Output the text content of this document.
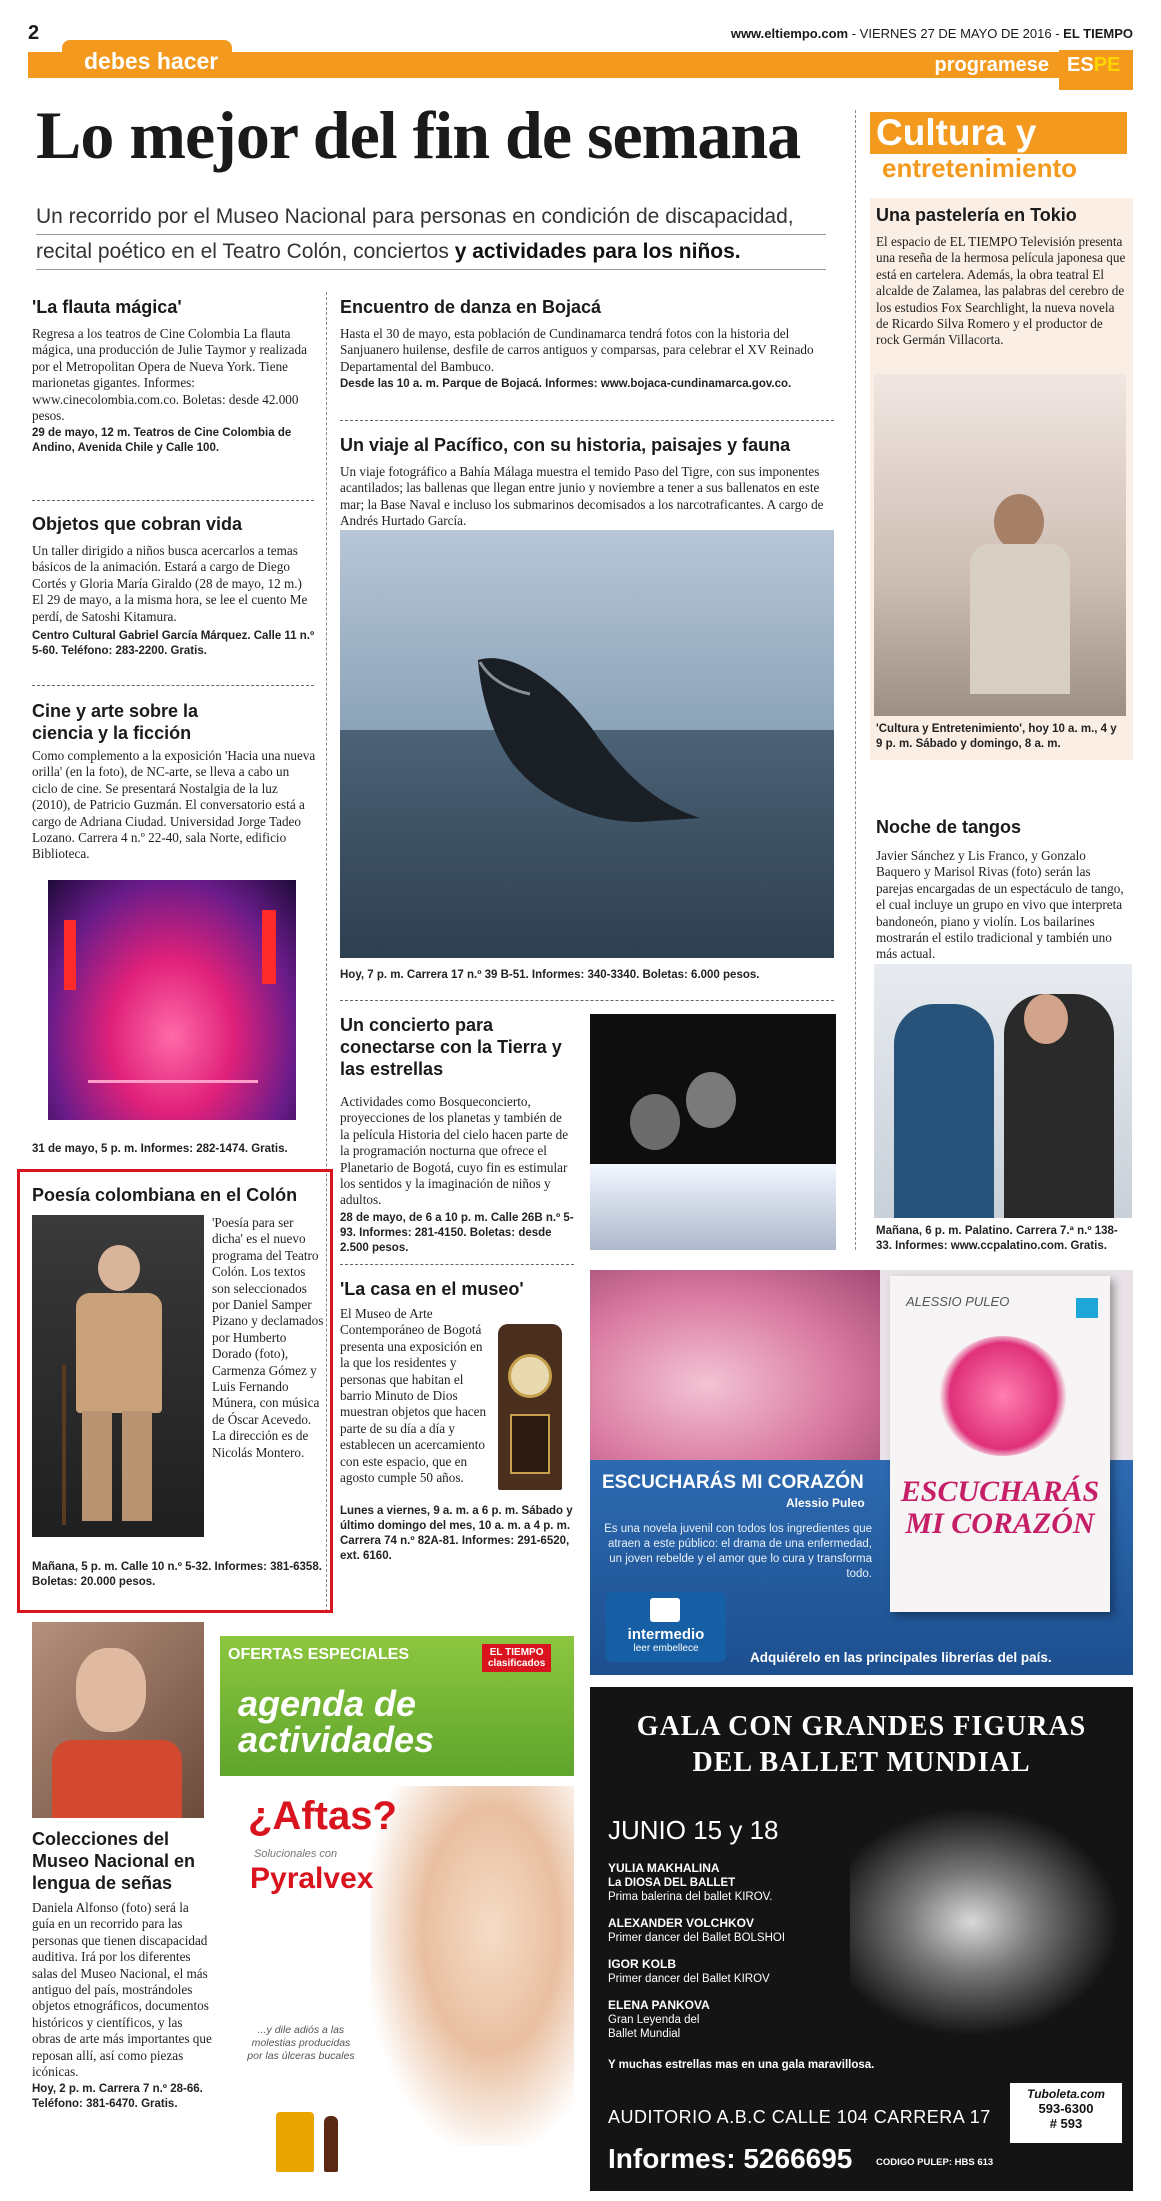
2	www.eltiempo.com - VIERNES 27 DE MAYO DE 2016 - EL TIEMPO
debes hacer	programese ESPE
Lo mejor del fin de semana
Un recorrido por el Museo Nacional para personas en condición de discapacidad,
recital poético en el Teatro Colón, conciertos y actividades para los niños.
'La flauta mágica'

Regresa a los teatros de Cine Colombia La flauta mágica, una producción de Julie Taymor y realizada por el Metropolitan Opera de Nueva York. Tiene marionetas gigantes. Informes: www.cinecolombia.com.co. Boletas: desde 42.000 pesos.

29 de mayo, 12 m. Teatros de Cine Colombia de Andino, Avenida Chile y Calle 100.

Objetos que cobran vida

Un taller dirigido a niños busca acercarlos a temas básicos de la animación. Estará a cargo de Diego Cortés y Gloria María Giraldo (28 de mayo, 12 m.) El 29 de mayo, a la misma hora, se lee el cuento Me perdí, de Satoshi Kitamura.

Centro Cultural Gabriel García Márquez. Calle 11 n.º 5-60. Teléfono: 283-2200. Gratis.

Cine y arte sobre la ciencia y la ficción

Como complemento a la exposición 'Hacia una nueva orilla' (en la foto), de NC-arte, se lleva a cabo un ciclo de cine. Se presentará Nostalgia de la luz (2010), de Patricio Guzmán. El conversatorio está a cargo de Adriana Ciudad. Universidad Jorge Tadeo Lozano. Carrera 4 n.º 22-40, sala Norte, edificio Biblioteca.

31 de mayo, 5 p. m. Informes: 282-1474. Gratis.

Poesía colombiana en el Colón

'Poesía para ser dicha' es el nuevo programa del Teatro Colón. Los textos son seleccionados por Daniel Samper Pizano y declamados por Humberto Dorado (foto), Carmenza Gómez y Luis Fernando Múnera, con música de Óscar Acevedo. La dirección es de Nicolás Montero.

Mañana, 5 p. m. Calle 10 n.º 5-32. Informes: 381-6358. Boletas: 20.000 pesos.

Colecciones del Museo Nacional en lengua de señas

Daniela Alfonso (foto) será la guía en un recorrido para las personas que tienen discapacidad auditiva. Irá por los diferentes salas del Museo Nacional, el más antiguo del país, mostrándoles objetos etnográficos, documentos históricos y científicos, y las obras de arte más importantes que reposan allí, así como piezas icónicas.

Hoy, 2 p. m. Carrera 7 n.º 28-66. Teléfono: 381-6470. Gratis.

Encuentro de danza en Bojacá

Hasta el 30 de mayo, esta población de Cundinamarca tendrá fotos con la historia del Sanjuanero huilense, desfile de carros antiguos y comparsas, para celebrar el XV Reinado Departamental del Bambuco.

Desde las 10 a. m. Parque de Bojacá. Informes: www.bojaca-cundinamarca.gov.co.

Un viaje al Pacífico, con su historia, paisajes y fauna

Un viaje fotográfico a Bahía Málaga muestra el temido Paso del Tigre, con sus imponentes acantilados; las ballenas que llegan entre junio y noviembre a tener a sus ballenatos en este mar; la Base Naval e incluso los submarinos decomisados a los narcotraficantes. A cargo de Andrés Hurtado García.

Hoy, 7 p. m. Carrera 17 n.º 39 B-51. Informes: 340-3340. Boletas: 6.000 pesos.

Un concierto para conectarse con la Tierra y las estrellas

Actividades como Bosqueconcierto, proyecciones de los planetas y también de la película Historia del cielo hacen parte de la programación nocturna que ofrece el Planetario de Bogotá, cuyo fin es estimular los sentidos y la imaginación de niños y adultos.

28 de mayo, de 6 a 10 p. m. Calle 26B n.º 5-93. Informes: 281-4150. Boletas: desde 2.500 pesos.

'La casa en el museo'

El Museo de Arte Contemporáneo de Bogotá presenta una exposición en la que los residentes y personas que habitan el barrio Minuto de Dios muestran objetos que hacen parte de su día a día y establecen un acercamiento con este espacio, que en agosto cumple 50 años.

Lunes a viernes, 9 a. m. a 6 p. m. Sábado y último domingo del mes, 10 a. m. a 4 p. m. Carrera 74 n.º 82A-81. Informes: 291-6520, ext. 6160.

Cultura y
entretenimiento
Una pastelería en Tokio

El espacio de EL TIEMPO Televisión presenta una reseña de la hermosa película japonesa que está en cartelera. Además, la obra teatral El alcalde de Zalamea, las palabras del cerebro de los estudios Fox Searchlight, la nueva novela de Ricardo Silva Romero y el productor de rock Germán Villacorta.

'Cultura y Entretenimiento', hoy 10 a. m., 4 y 9 p. m. Sábado y domingo, 8 a. m.

Noche de tangos

Javier Sánchez y Lis Franco, y Gonzalo Baquero y Marisol Rivas (foto) serán las parejas encargadas de un espectáculo de tango, el cual incluye un grupo en vivo que interpreta bandoneón, piano y violín. Los bailarines mostrarán el estilo tradicional y también uno más actual.

Mañana, 6 p. m. Palatino. Carrera 7.ª n.º 138-33. Informes: www.ccpalatino.com. Gratis.

ALESSIO PULEO
ESCUCHARÁS
MI CORAZÓN
ESCUCHARÁS MI CORAZÓN
Alessio Puleo
Es una novela juvenil con todos los ingredientes que atraen a este público: el drama de una enfermedad, un joven rebelde y el amor que lo cura y transforma todo.
intermedio
leer embellece
Adquiérelo en las principales librerías del país.
OFERTAS ESPECIALES	EL TIEMPO
clasificados
agenda de
actividades
¿Aftas?
Solucionales con
Pyralvex
...y dile adiós a las molestias producidas por las úlceras bucales
GALA CON GRANDES FIGURAS
DEL BALLET MUNDIAL
JUNIO 15 y 18
YULIA MAKHALINA
La DIOSA DEL BALLET
Prima balerina del ballet KIROV.
ALEXANDER VOLCHKOV
Primer dancer del Ballet BOLSHOI
IGOR KOLB
Primer dancer del Ballet KIROV
ELENA PANKOVA
Gran Leyenda del
Ballet Mundial
Y muchas estrellas mas en una gala maravillosa.
Tuboleta.com
593-6300
# 593
AUDITORIO A.B.C CALLE 104 CARRERA 17
Informes: 5266695 CODIGO PULEP: HBS 613
